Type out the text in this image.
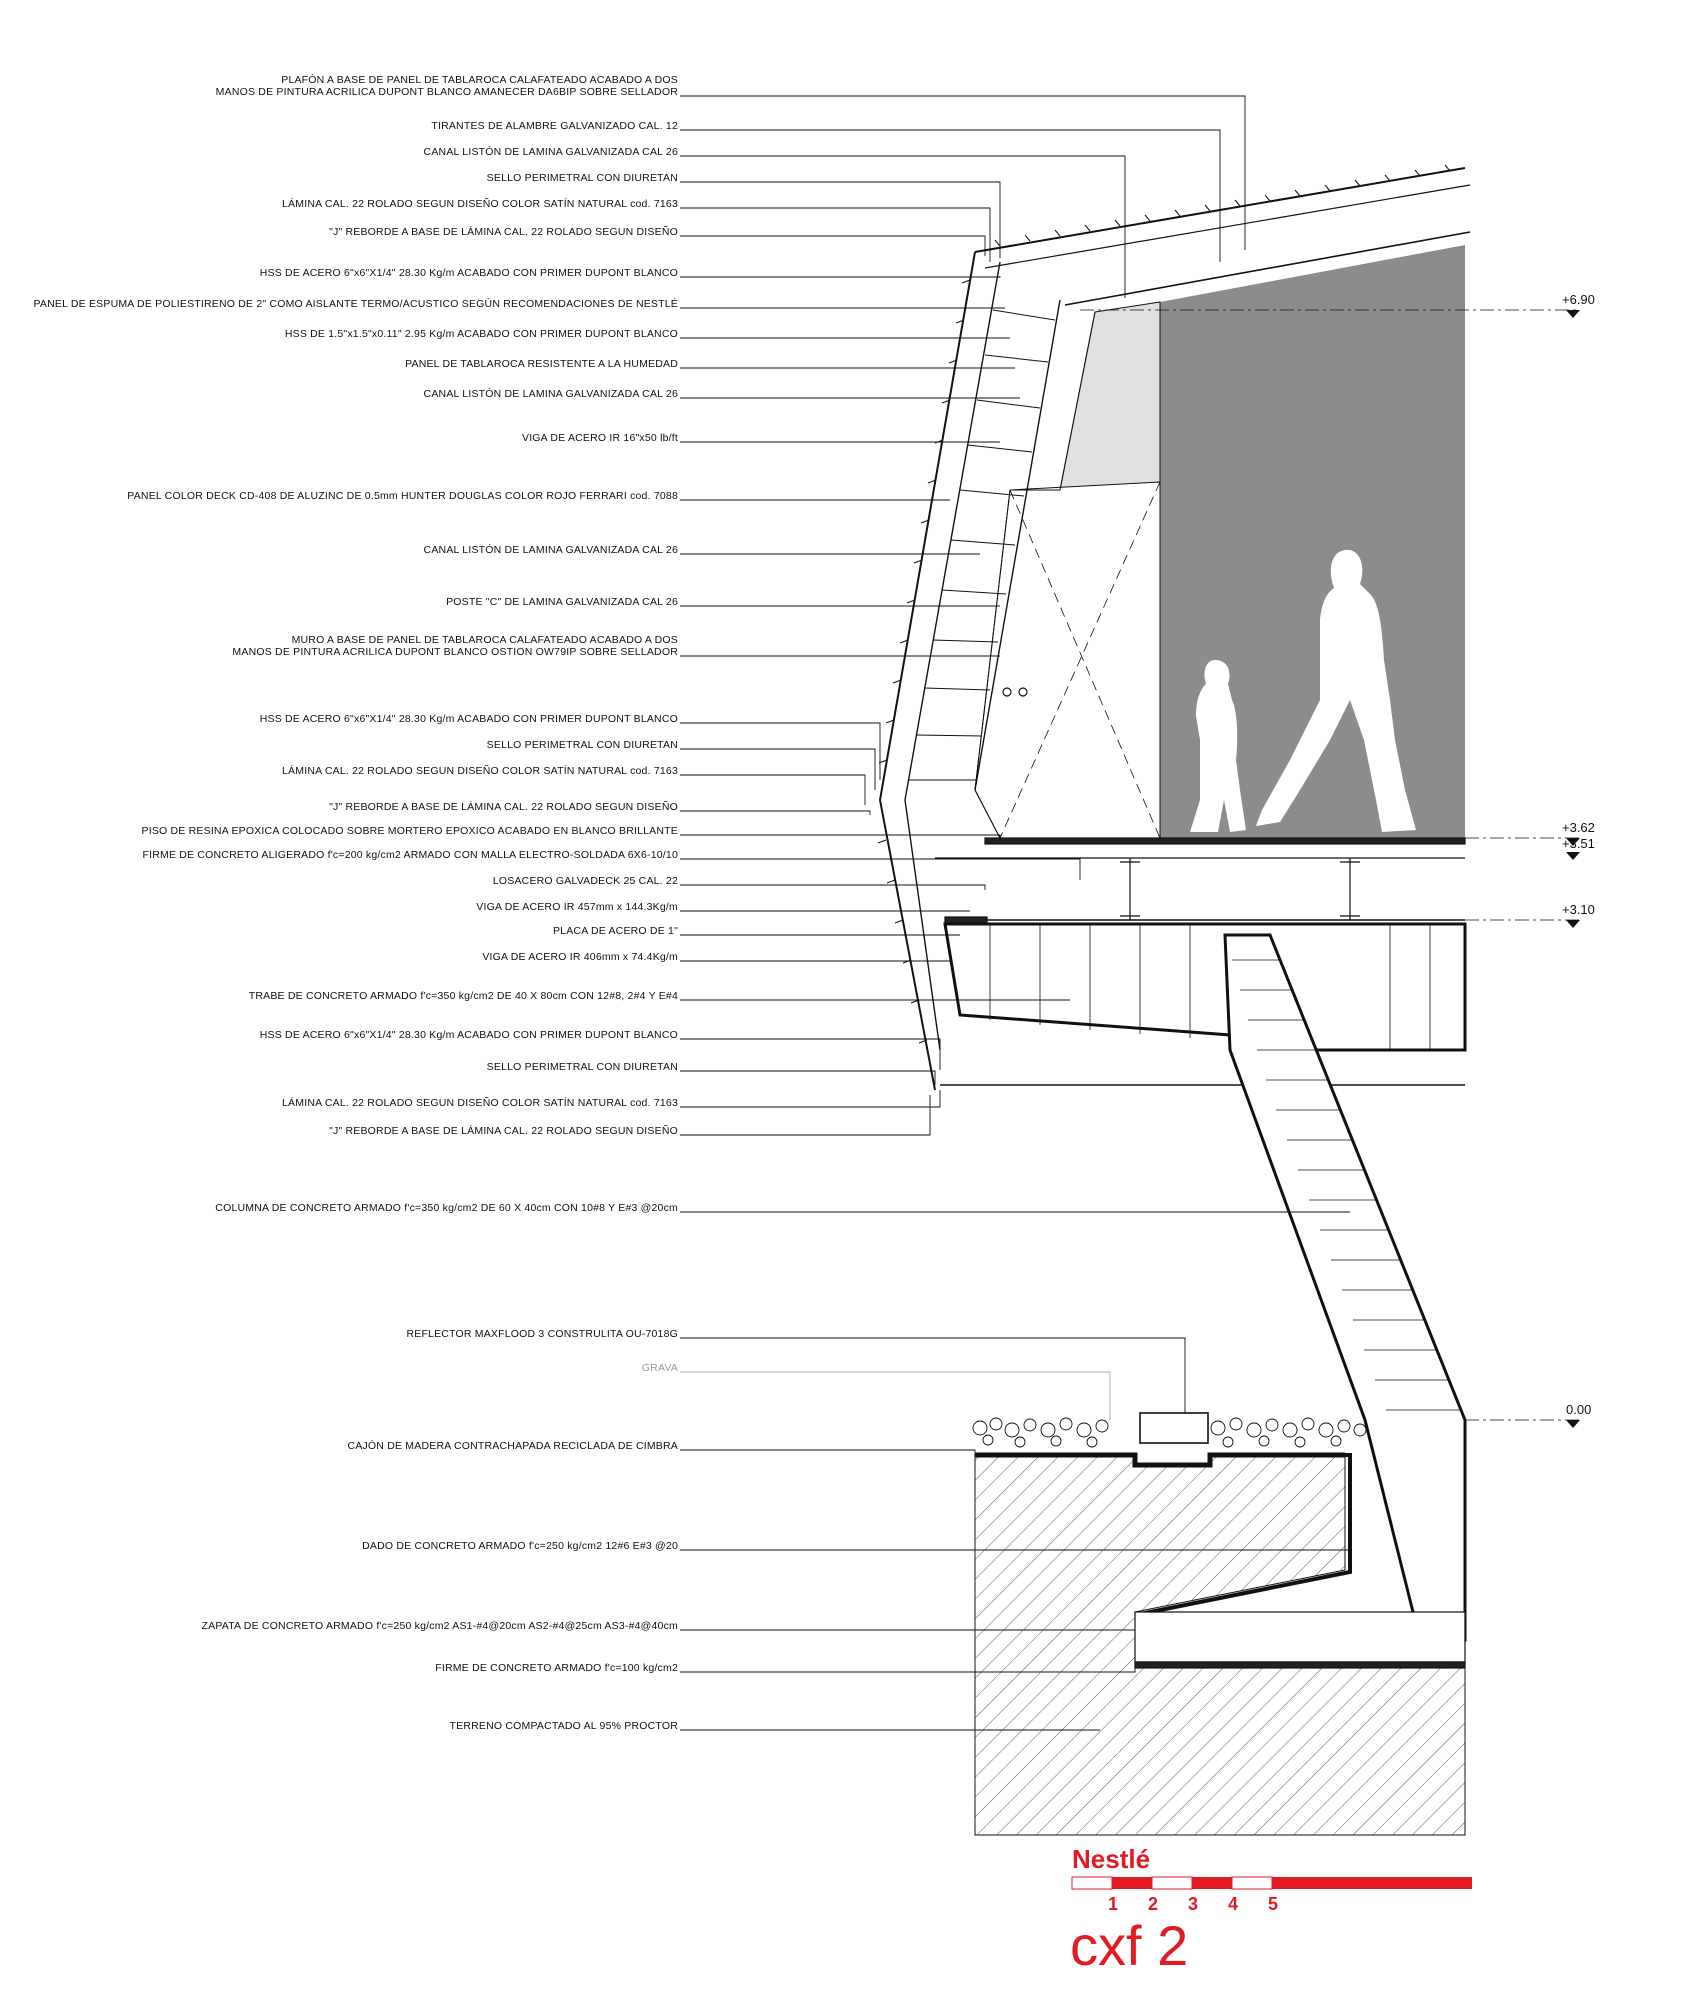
PLAFÓN A BASE DE PANEL DE TABLAROCA CALAFATEADO ACABADO A DOS
MANOS DE PINTURA ACRILICA DUPONT BLANCO AMANECER DA6BIP SOBRE SELLADOR
TIRANTES DE ALAMBRE GALVANIZADO CAL. 12
CANAL LISTÓN DE LAMINA GALVANIZADA CAL 26
SELLO PERIMETRAL CON DIURETAN
LÁMINA CAL. 22 ROLADO SEGUN DISEÑO COLOR SATÍN NATURAL cod. 7163
"J" REBORDE A BASE DE LÁMINA CAL. 22 ROLADO SEGUN DISEÑO
HSS DE ACERO 6"x6"X1/4" 28.30 Kg/m ACABADO CON PRIMER DUPONT BLANCO
PANEL DE ESPUMA DE POLIESTIRENO DE 2" COMO AISLANTE TERMO/ACUSTICO SEGÚN RECOMENDACIONES DE NESTLÉ
HSS DE 1.5"x1.5"x0.11" 2.95 Kg/m ACABADO CON PRIMER DUPONT BLANCO
PANEL DE TABLAROCA RESISTENTE A LA HUMEDAD
CANAL LISTÓN DE LAMINA GALVANIZADA CAL 26
VIGA DE ACERO IR 16"x50 lb/ft
PANEL COLOR DECK CD-408 DE ALUZINC DE 0.5mm HUNTER DOUGLAS COLOR ROJO FERRARI cod. 7088
CANAL LISTÓN DE LAMINA GALVANIZADA CAL 26
POSTE "C" DE LAMINA GALVANIZADA CAL 26
MURO A BASE DE PANEL DE TABLAROCA CALAFATEADO ACABADO A DOS
MANOS DE PINTURA ACRILICA DUPONT BLANCO OSTION OW79IP SOBRE SELLADOR
HSS DE ACERO 6"x6"X1/4" 28.30 Kg/m ACABADO CON PRIMER DUPONT BLANCO
SELLO PERIMETRAL CON DIURETAN
LÁMINA CAL. 22 ROLADO SEGUN DISEÑO COLOR SATÍN NATURAL cod. 7163
"J" REBORDE A BASE DE LÁMINA CAL. 22 ROLADO SEGUN DISEÑO
PISO DE RESINA EPOXICA COLOCADO SOBRE MORTERO EPOXICO ACABADO EN BLANCO BRILLANTE
FIRME DE CONCRETO ALIGERADO f'c=200 kg/cm2 ARMADO CON MALLA ELECTRO-SOLDADA 6X6-10/10
LOSACERO GALVADECK 25 CAL. 22
VIGA DE ACERO IR 457mm x 144.3Kg/m
PLACA DE ACERO DE 1"
VIGA DE ACERO IR 406mm x 74.4Kg/m
TRABE DE CONCRETO ARMADO f'c=350 kg/cm2 DE 40 X 80cm CON 12#8, 2#4 Y E#4
HSS DE ACERO 6"x6"X1/4" 28.30 Kg/m ACABADO CON PRIMER DUPONT BLANCO
SELLO PERIMETRAL CON DIURETAN
LÁMINA CAL. 22 ROLADO SEGUN DISEÑO COLOR SATÍN NATURAL cod. 7163
"J" REBORDE A BASE DE LÁMINA CAL. 22 ROLADO SEGUN DISEÑO
COLUMNA DE CONCRETO ARMADO f'c=350 kg/cm2 DE 60 X 40cm CON 10#8 Y E#3 @20cm
REFLECTOR MAXFLOOD 3 CONSTRULITA OU-7018G
GRAVA
CAJÓN DE MADERA CONTRACHAPADA RECICLADA DE CIMBRA
DADO DE CONCRETO ARMADO f'c=250 kg/cm2 12#6 E#3 @20
ZAPATA DE CONCRETO ARMADO f'c=250 kg/cm2 AS1-#4@20cm AS2-#4@25cm AS3-#4@40cm
FIRME DE CONCRETO ARMADO f'c=100 kg/cm2
TERRENO COMPACTADO AL 95% PROCTOR
+6.90
+3.62
+3.51
+3.10
0.00
Nestlé
1 2 3 4 5
cxf 2
